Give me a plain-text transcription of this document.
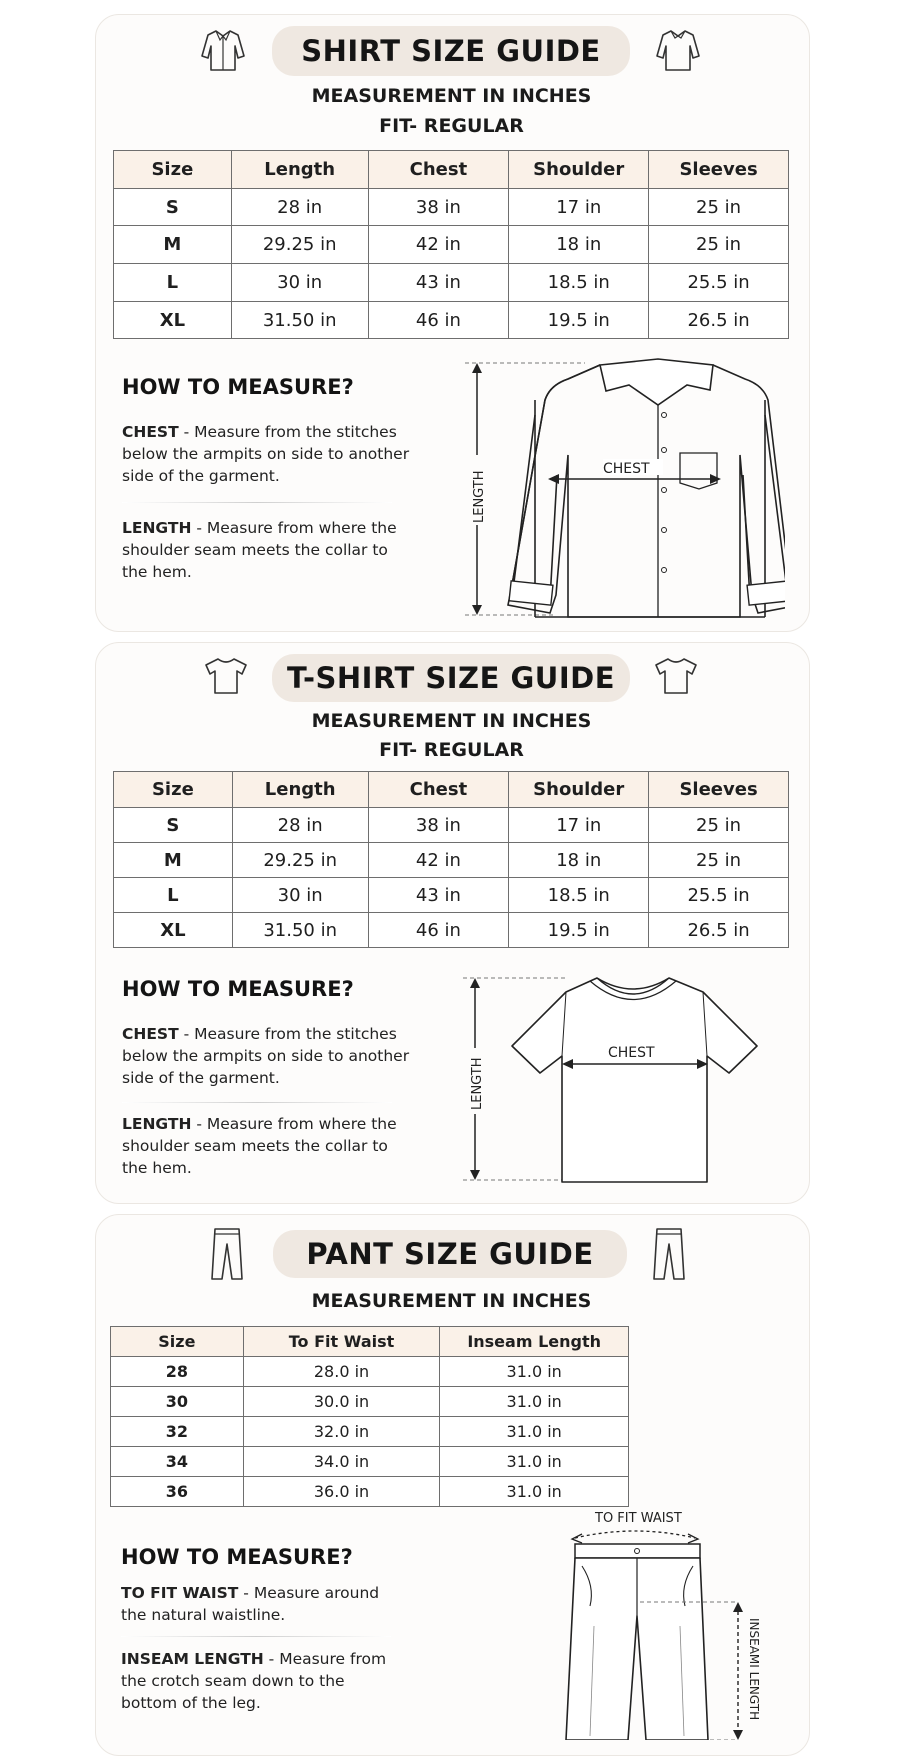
SHIRT SIZE GUIDE
MEASUREMENT IN INCHES
FIT- REGULAR
Size	Length	Chest	Shoulder	Sleeves
S	28 in	38 in	17 in	25 in
M	29.25 in	42 in	18 in	25 in
L	30 in	43 in	18.5 in	25.5 in
XL	31.50 in	46 in	19.5 in	26.5 in
HOW TO MEASURE?
CHEST - Measure from the stitches below the armpits on side to another side of the garment.
LENGTH - Measure from where the shoulder seam meets the collar to the hem.
LENGTH
CHEST
T-SHIRT SIZE GUIDE
MEASUREMENT IN INCHES
FIT- REGULAR
Size	Length	Chest	Shoulder	Sleeves
S	28 in	38 in	17 in	25 in
M	29.25 in	42 in	18 in	25 in
L	30 in	43 in	18.5 in	25.5 in
XL	31.50 in	46 in	19.5 in	26.5 in
HOW TO MEASURE?
CHEST - Measure from the stitches below the armpits on side to another side of the garment.
LENGTH - Measure from where the shoulder seam meets the collar to the hem.
LENGTH
CHEST
PANT SIZE GUIDE
MEASUREMENT IN INCHES
Size	To Fit Waist	Inseam Length
28	28.0 in	31.0 in
30	30.0 in	31.0 in
32	32.0 in	31.0 in
34	34.0 in	31.0 in
36	36.0 in	31.0 in
HOW TO MEASURE?
TO FIT WAIST - Measure around the natural waistline.
INSEAM LENGTH - Measure from the crotch seam down to the bottom of the leg.
TO FIT WAIST
INSEAMI LENGTH
